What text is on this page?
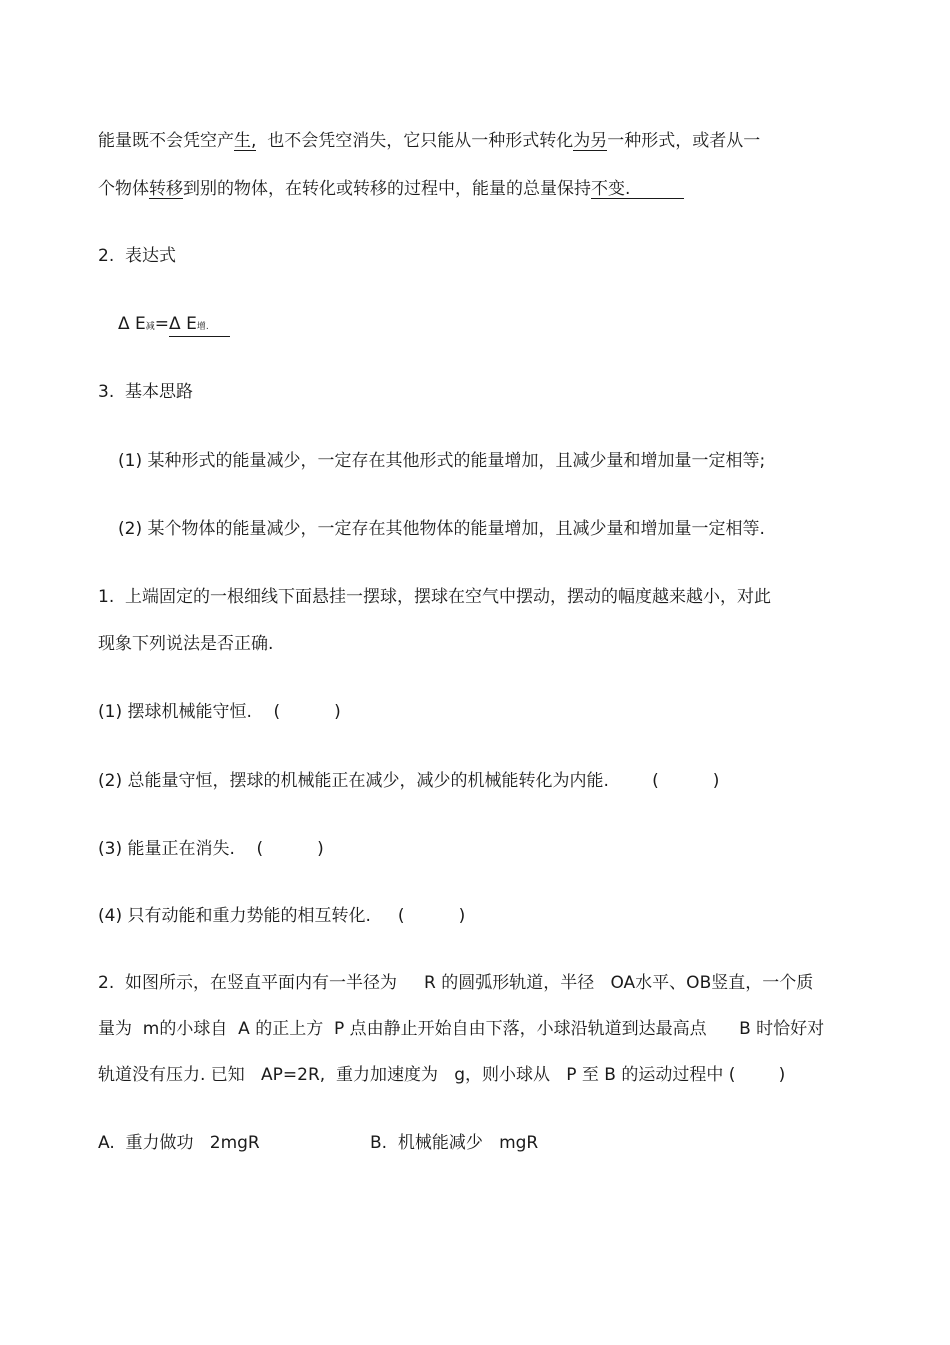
能量既不会凭空产生,  也不会凭空消失，它只能从一种形式转化为另一种形式，或者从一
个物体转移到别的物体，在转化或转移的过程中，能量的总量保持不变.
2.  表达式
Δ E减=Δ E增.
3.  基本思路
(1) 某种形式的能量减少，一定存在其他形式的能量增加，且减少量和增加量一定相等;
(2) 某个物体的能量减少，一定存在其他物体的能量增加，且减少量和增加量一定相等.
1.  上端固定的一根细线下面悬挂一摆球，摆球在空气中摆动，摆动的幅度越来越小，对此
现象下列说法是否正确.
(1) 摆球机械能守恒.    (          )
(2) 总能量守恒，摆球的机械能正在减少，减少的机械能转化为内能.        (          )
(3) 能量正在消失.    (          )
(4) 只有动能和重力势能的相互转化.     (          )
2.  如图所示，在竖直平面内有一半径为     R 的圆弧形轨道，半径   OA水平、OB竖直，一个质
量为  m的小球自  A 的正上方  P 点由静止开始自由下落，小球沿轨道到达最高点      B 时恰好对
轨道没有压力. 已知   AP=2R,  重力加速度为   g，则小球从   P 至 B 的运动过程中 (        )
A.  重力做功   2mgR	B.  机械能减少   mgR
